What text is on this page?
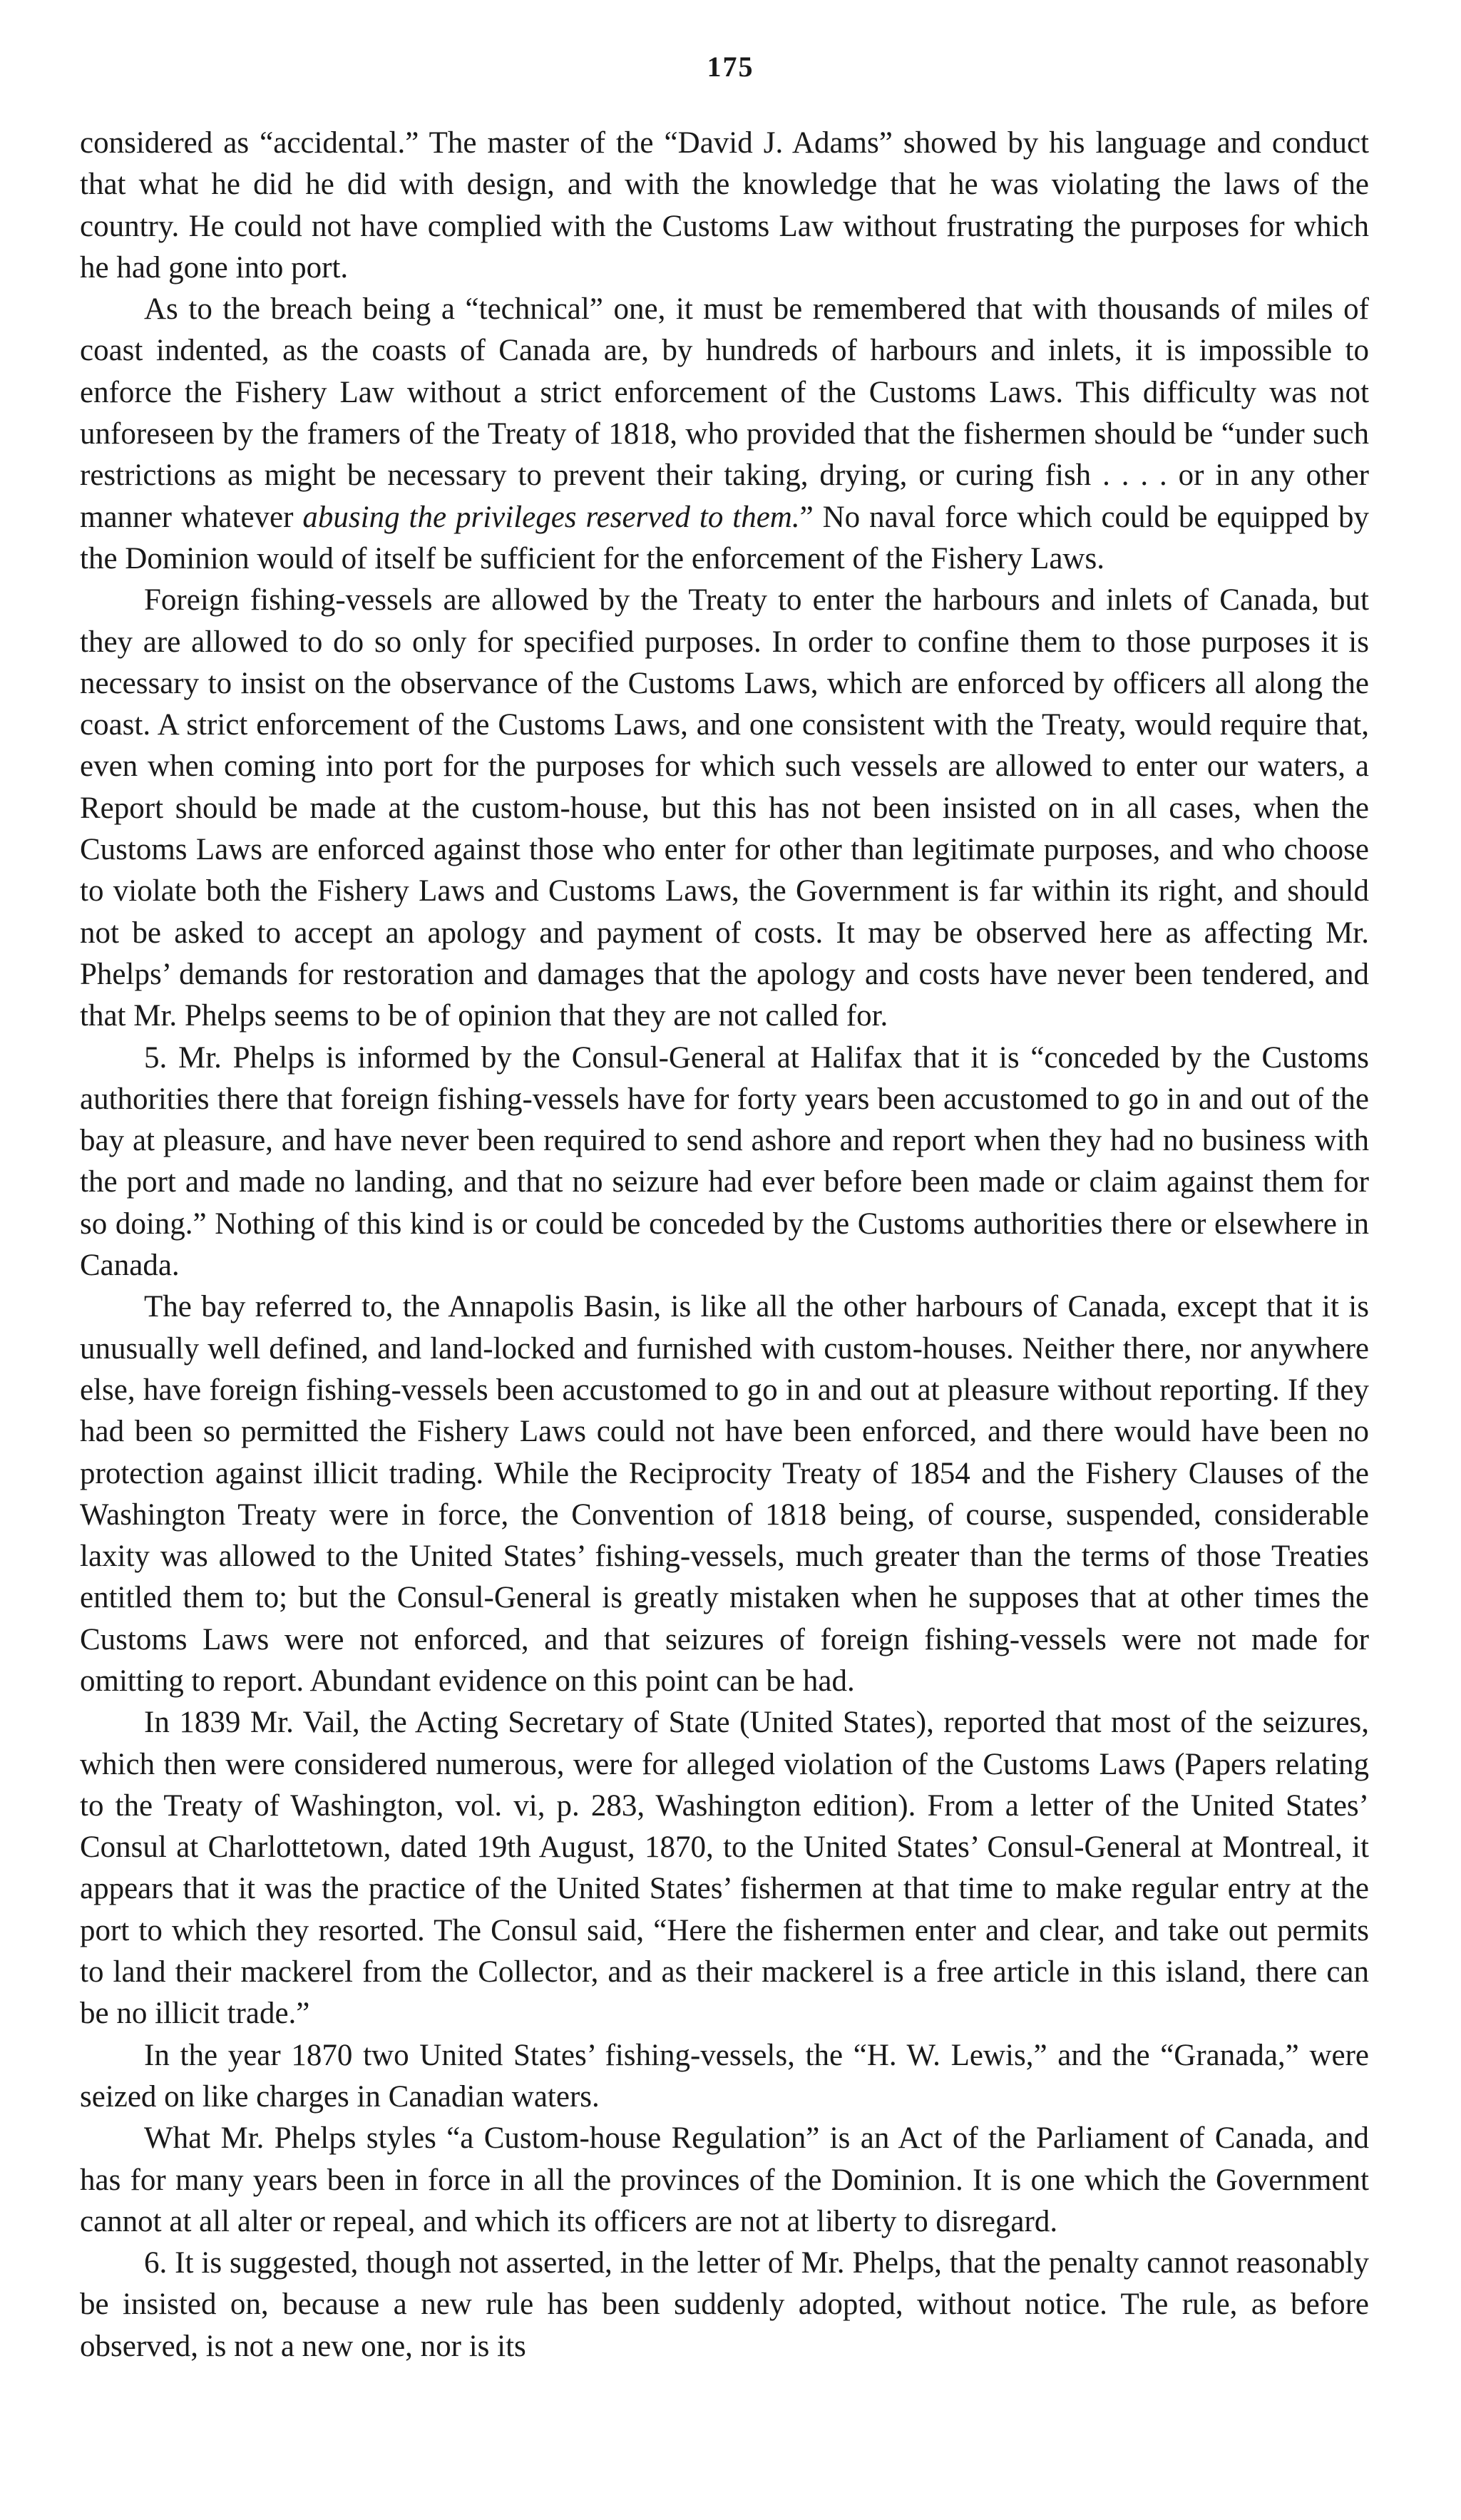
175

considered as “accidental.” The master of the “David J. Adams” showed by his language and conduct that what he did he did with design, and with the knowledge that he was violating the laws of the country. He could not have complied with the Customs Law without frustrating the purposes for which he had gone into port.

As to the breach being a “technical” one, it must be remembered that with thousands of miles of coast indented, as the coasts of Canada are, by hundreds of harbours and inlets, it is impossible to enforce the Fishery Law without a strict enforcement of the Customs Laws. This difficulty was not unforeseen by the framers of the Treaty of 1818, who provided that the fishermen should be “under such restrictions as might be necessary to prevent their taking, drying, or curing fish . . . . or in any other manner whatever abusing the privileges reserved to them.” No naval force which could be equipped by the Dominion would of itself be sufficient for the enforcement of the Fishery Laws.

Foreign fishing-vessels are allowed by the Treaty to enter the harbours and inlets of Canada, but they are allowed to do so only for specified purposes. In order to confine them to those purposes it is necessary to insist on the observance of the Customs Laws, which are enforced by officers all along the coast. A strict enforcement of the Customs Laws, and one consistent with the Treaty, would require that, even when coming into port for the purposes for which such vessels are allowed to enter our waters, a Report should be made at the custom-house, but this has not been insisted on in all cases, when the Customs Laws are enforced against those who enter for other than legitimate purposes, and who choose to violate both the Fishery Laws and Customs Laws, the Government is far within its right, and should not be asked to accept an apology and payment of costs. It may be observed here as affecting Mr. Phelps’ demands for restoration and damages that the apology and costs have never been tendered, and that Mr. Phelps seems to be of opinion that they are not called for.

5. Mr. Phelps is informed by the Consul-General at Halifax that it is “conceded by the Customs authorities there that foreign fishing-vessels have for forty years been accustomed to go in and out of the bay at pleasure, and have never been required to send ashore and report when they had no business with the port and made no landing, and that no seizure had ever before been made or claim against them for so doing.” Nothing of this kind is or could be conceded by the Customs authorities there or elsewhere in Canada.

The bay referred to, the Annapolis Basin, is like all the other harbours of Canada, except that it is unusually well defined, and land-locked and furnished with custom-houses. Neither there, nor anywhere else, have foreign fishing-vessels been accustomed to go in and out at pleasure without reporting. If they had been so permitted the Fishery Laws could not have been enforced, and there would have been no protection against illicit trading. While the Reciprocity Treaty of 1854 and the Fishery Clauses of the Washington Treaty were in force, the Convention of 1818 being, of course, suspended, considerable laxity was allowed to the United States’ fishing-vessels, much greater than the terms of those Treaties entitled them to; but the Consul-General is greatly mistaken when he supposes that at other times the Customs Laws were not enforced, and that seizures of foreign fishing-vessels were not made for omitting to report. Abundant evidence on this point can be had.

In 1839 Mr. Vail, the Acting Secretary of State (United States), reported that most of the seizures, which then were considered numerous, were for alleged violation of the Customs Laws (Papers relating to the Treaty of Washington, vol. vi, p. 283, Washington edition). From a letter of the United States’ Consul at Charlottetown, dated 19th August, 1870, to the United States’ Consul-General at Montreal, it appears that it was the practice of the United States’ fishermen at that time to make regular entry at the port to which they resorted. The Consul said, “Here the fishermen enter and clear, and take out permits to land their mackerel from the Collector, and as their mackerel is a free article in this island, there can be no illicit trade.”

In the year 1870 two United States’ fishing-vessels, the “H. W. Lewis,” and the “Granada,” were seized on like charges in Canadian waters.

What Mr. Phelps styles “a Custom-house Regulation” is an Act of the Parliament of Canada, and has for many years been in force in all the provinces of the Dominion. It is one which the Government cannot at all alter or repeal, and which its officers are not at liberty to disregard.

6. It is suggested, though not asserted, in the letter of Mr. Phelps, that the penalty cannot reasonably be insisted on, because a new rule has been suddenly adopted, without notice. The rule, as before observed, is not a new one, nor is its
